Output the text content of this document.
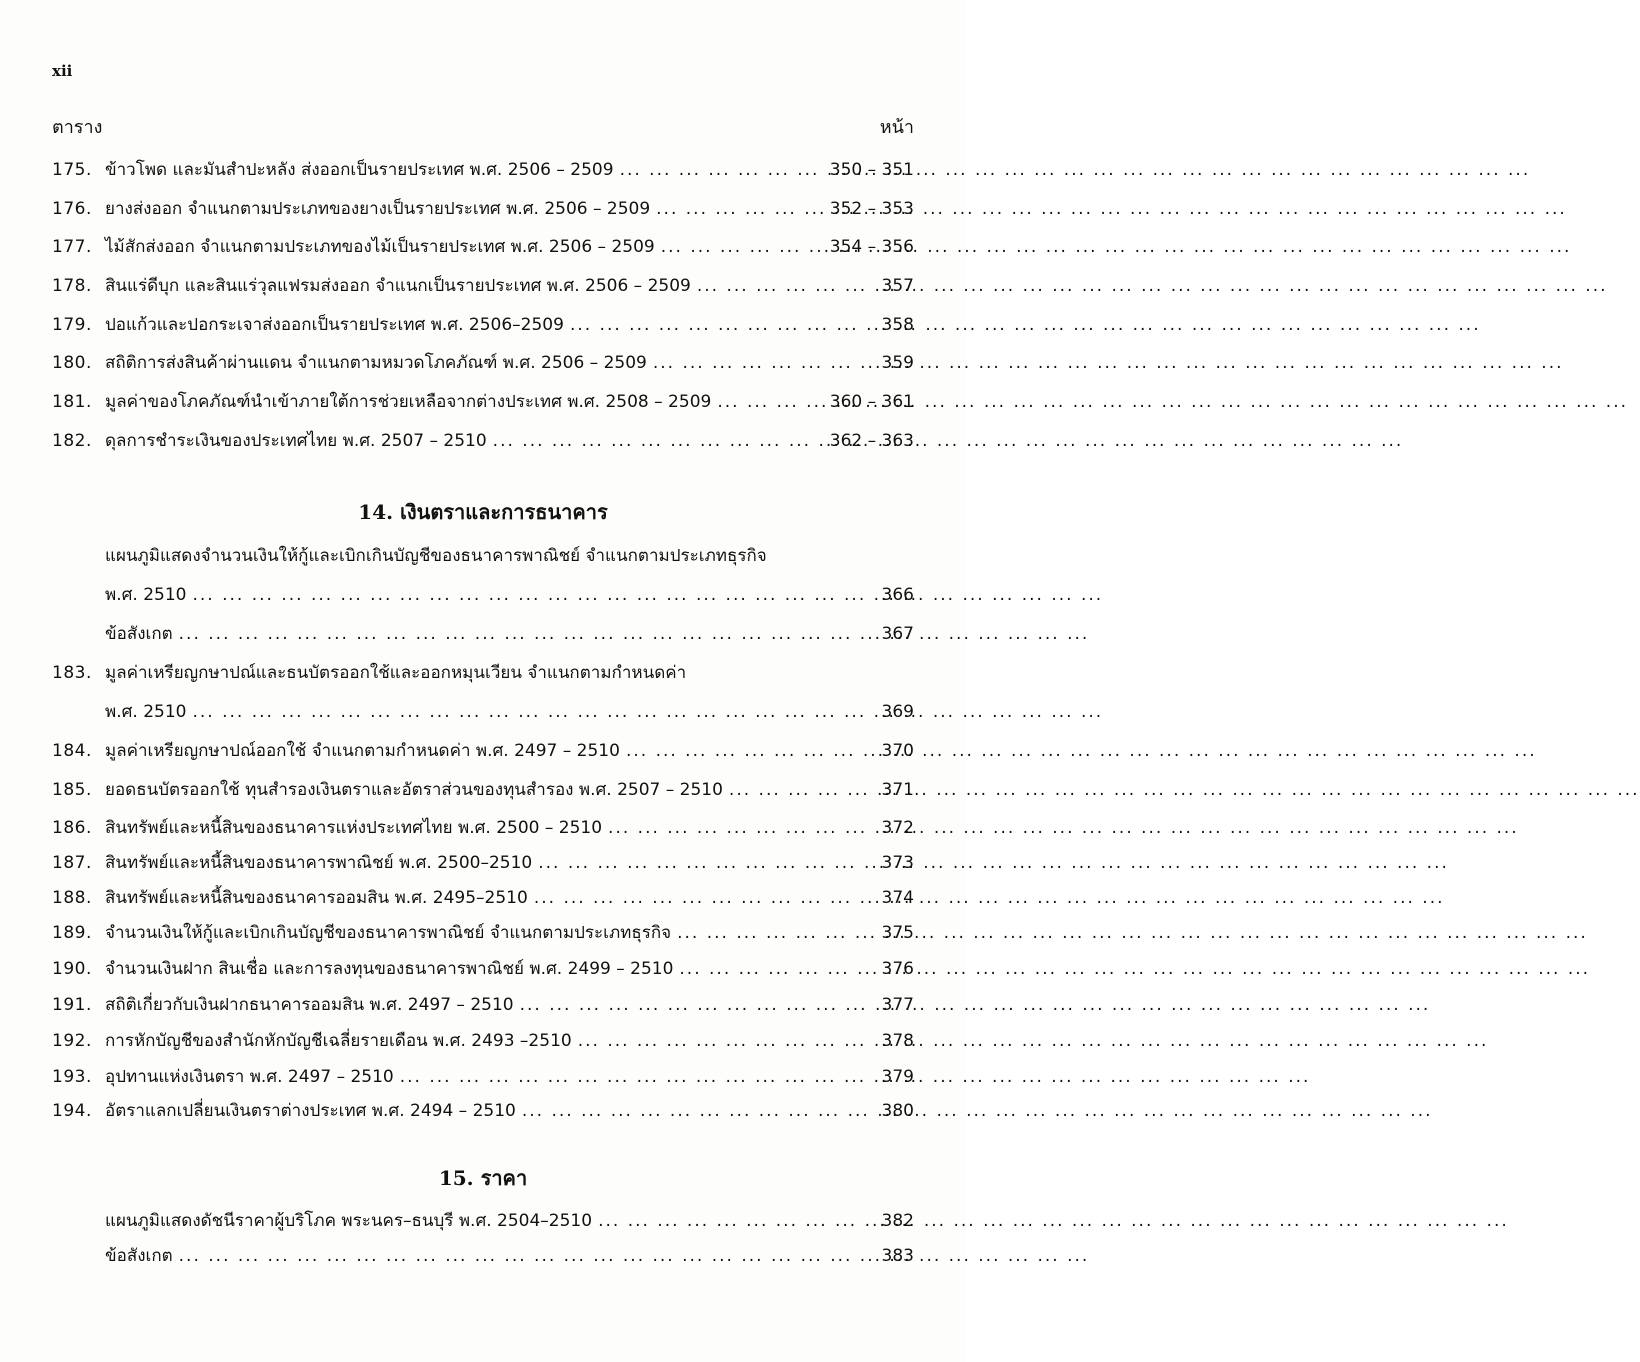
xii
ตาราง	หน้า
175. ข้าวโพด และมันสำปะหลัง ส่งออกเป็นรายประเทศ พ.ศ. 2506 – 2509 ... .	350 – 351
176. ยางส่งออก จำแนกตามประเภทของยางเป็นรายประเทศ พ.ศ. 2506 – 2509 ... .	352 – 353
177. ไม้สักส่งออก จำแนกตามประเภทของไม้เป็นรายประเทศ พ.ศ. 2506 – 2509 ... .	354 – 356
178. สินแร่ดีบุก และสินแร่วุลแฟรมส่งออก จำแนกเป็นรายประเทศ พ.ศ. 2506 – 2509 ... .	357
179. ปอแก้วและปอกระเจาส่งออกเป็นรายประเทศ พ.ศ. 2506–2509 ... .	358
180. สถิติการส่งสินค้าผ่านแดน จำแนกตามหมวดโภคภัณฑ์ พ.ศ. 2506 – 2509 ... .	359
181. มูลค่าของโภคภัณฑ์นำเข้าภายใต้การช่วยเหลือจากต่างประเทศ พ.ศ. 2508 – 2509 ... .	360 – 361
182. ดุลการชำระเงินของประเทศไทย พ.ศ. 2507 – 2510 ... .	362 – 363
14. เงินตราและการธนาคาร
แผนภูมิแสดงจำนวนเงินให้กู้และเบิกเกินบัญชีของธนาคารพาณิชย์ จำแนกตามประเภทธุรกิจ
พ.ศ. 2510 ... .	366
ข้อสังเกต ... .	367
183. มูลค่าเหรียญกษาปณ์และธนบัตรออกใช้และออกหมุนเวียน จำแนกตามกำหนดค่า
พ.ศ. 2510 ... .	369
184. มูลค่าเหรียญกษาปณ์ออกใช้ จำแนกตามกำหนดค่า พ.ศ. 2497 – 2510 ... .	370
185. ยอดธนบัตรออกใช้ ทุนสำรองเงินตราและอัตราส่วนของทุนสำรอง พ.ศ. 2507 – 2510 ... .	371
186. สินทรัพย์และหนี้สินของธนาคารแห่งประเทศไทย พ.ศ. 2500 – 2510 ... .	372
187. สินทรัพย์และหนี้สินของธนาคารพาณิชย์ พ.ศ. 2500–2510 ... .	373
188. สินทรัพย์และหนี้สินของธนาคารออมสิน พ.ศ. 2495–2510 ... .	374
189. จำนวนเงินให้กู้และเบิกเกินบัญชีของธนาคารพาณิชย์ จำแนกตามประเภทธุรกิจ ... .	375
190. จำนวนเงินฝาก สินเชื่อ และการลงทุนของธนาคารพาณิชย์ พ.ศ. 2499 – 2510 ... .	376
191. สถิติเกี่ยวกับเงินฝากธนาคารออมสิน พ.ศ. 2497 – 2510 ... .	377
192. การหักบัญชีของสำนักหักบัญชีเฉลี่ยรายเดือน พ.ศ. 2493 –2510 ... .	378
193. อุปทานแห่งเงินตรา พ.ศ. 2497 – 2510 ... .	379
194. อัตราแลกเปลี่ยนเงินตราต่างประเทศ พ.ศ. 2494 – 2510 ... .	380
15. ราคา
แผนภูมิแสดงดัชนีราคาผู้บริโภค พระนคร–ธนบุรี พ.ศ. 2504–2510 ... .	382
ข้อสังเกต ... .	383
